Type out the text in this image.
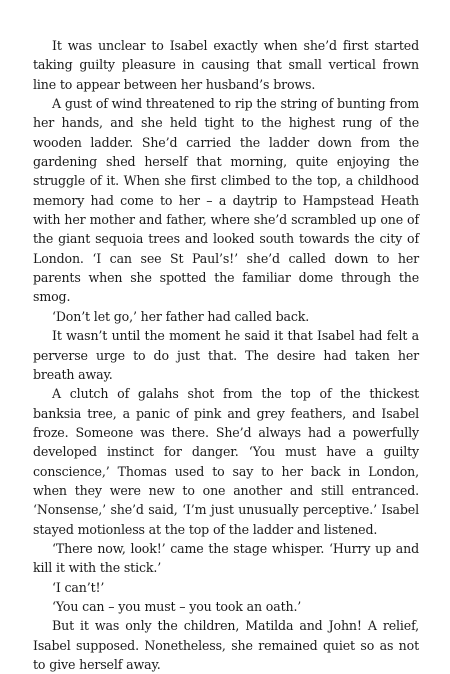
It was unclear to Isabel exactly when she’d first started taking guilty pleasure in causing that small vertical frown line to appear between her husband’s brows.

A gust of wind threatened to rip the string of bunting from her hands, and she held tight to the highest rung of the wooden ladder. She’d carried the ladder down from the gardening shed herself that morning, quite enjoying the struggle of it. When she first climbed to the top, a childhood memory had come to her – a daytrip to Hampstead Heath with her mother and father, where she’d scrambled up one of the giant sequoia trees and looked south towards the city of London. ‘I can see St Paul’s!’ she’d called down to her parents when she spotted the familiar dome through the smog.

‘Don’t let go,’ her father had called back.

It wasn’t until the moment he said it that Isabel had felt a perverse urge to do just that. The desire had taken her breath away.

A clutch of galahs shot from the top of the thickest banksia tree, a panic of pink and grey feathers, and Isabel froze. Someone was there. She’d always had a powerfully developed instinct for danger. ‘You must have a guilty conscience,’ Thomas used to say to her back in London, when they were new to one another and still entranced. ‘Nonsense,’ she’d said, ‘I’m just unusually perceptive.’ Isabel stayed motionless at the top of the ladder and listened.

‘There now, look!’ came the stage whisper. ‘Hurry up and kill it with the stick.’

‘I can’t!’

‘You can – you must – you took an oath.’

But it was only the children, Matilda and John! A relief, Isabel supposed. Nonetheless, she remained quiet so as not to give herself away.
